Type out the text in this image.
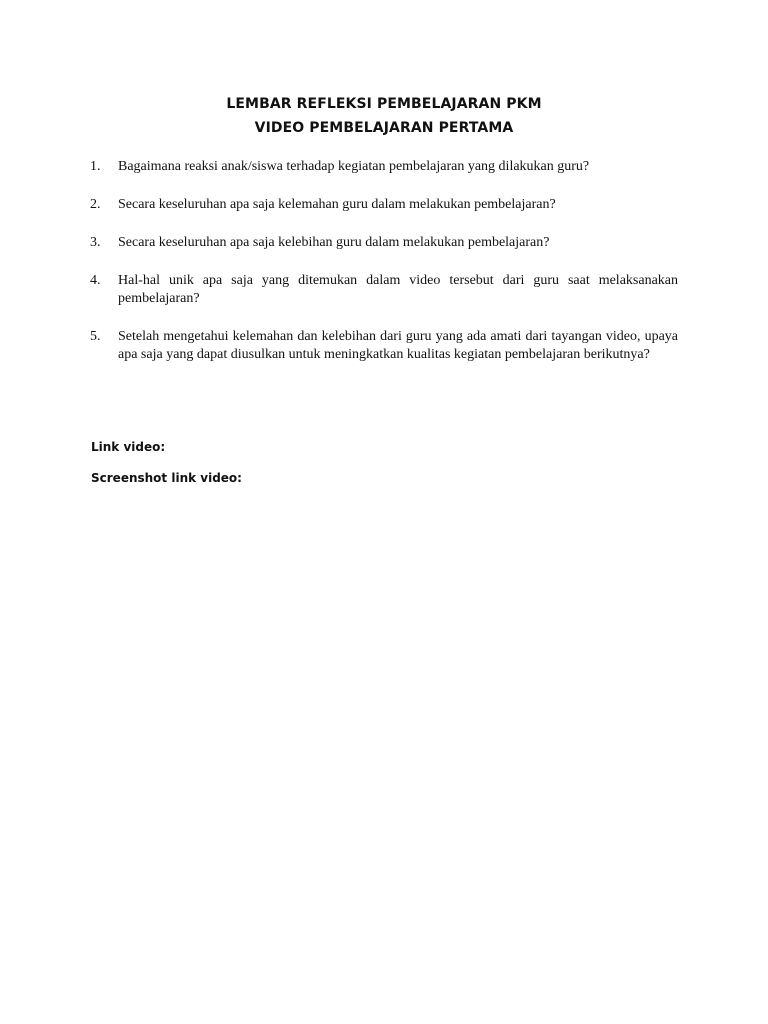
LEMBAR REFLEKSI PEMBELAJARAN PKM
VIDEO PEMBELAJARAN PERTAMA
1. Bagaimana reaksi anak/siswa terhadap kegiatan pembelajaran yang dilakukan guru?
2. Secara keseluruhan apa saja kelemahan guru dalam melakukan pembelajaran?
3. Secara keseluruhan apa saja kelebihan guru dalam melakukan pembelajaran?
4. Hal-hal unik apa saja yang ditemukan dalam video tersebut dari guru saat melaksanakan pembelajaran?
5. Setelah mengetahui kelemahan dan kelebihan dari guru yang ada amati dari tayangan video, upaya apa saja yang dapat diusulkan untuk meningkatkan kualitas kegiatan pembelajaran berikutnya?
Link video:
Screenshot link video:
